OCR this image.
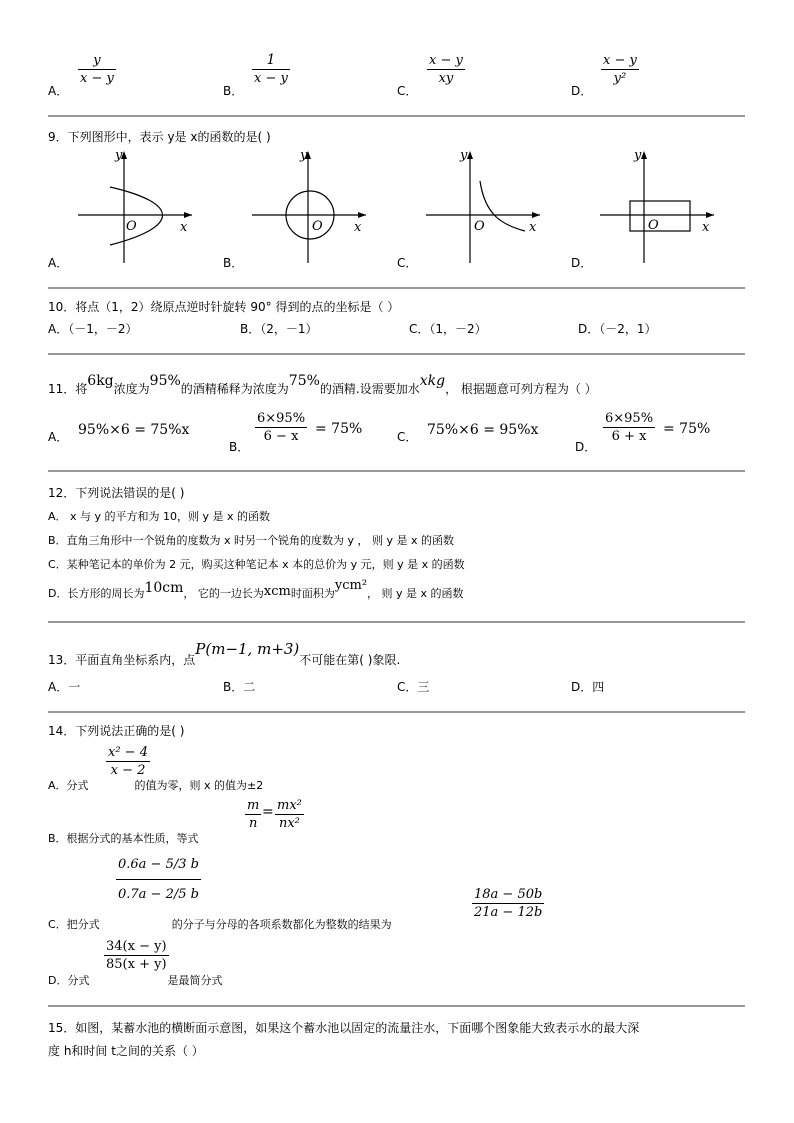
A．
y
x − y
B．
1
x − y
C．
x − y
xy
D．
x − y
y²
9．下列图形中，表示 y是 x的函数的是( )
y
O	x
y
O x
y
O	x
y
O	x
A．	B．	C．	D．
10．将点（1，2）绕原点逆时针旋转 90° 得到的点的坐标是（ ）
A．（－1，－2）	B．（2，－1）	C．（1，－2）	D．（－2，1）
11．将6kg浓度为95%的酒精稀释为浓度为75%的酒精.设需要加水xkg， 根据题意可列方程为（ ）
A． 95%×6 = 75%x
B．
6×95%
6 − x = 75%	C． 75%×6 = 95%x
D．
6×95%
6 + x = 75%
12．下列说法错误的是( )
A． x 与 y 的平方和为 10，则 y 是 x 的函数
B．直角三角形中一个锐角的度数为 x 时另一个锐角的度数为 y ， 则 y 是 x 的函数
C．某种笔记本的单价为 2 元，购买这种笔记本 x 本的总价为 y 元，则 y 是 x 的函数
D．长方形的周长为10cm， 它的一边长为xcm时面积为ycm²， 则 y 是 x 的函数
13．平面直角坐标系内，点P(m−1, m+3)不可能在第( )象限.
A．一	B．二	C．三	D．四
14．下列说法正确的是( )
x² − 4
x − 2
A．分式	的值为零，则 x 的值为±2
B．根据分式的基本性质，等式
m
n
= mx²
nx²
0.6a − 5/3 b
0.7a − 2/5 b
C．把分式	的分子与分母的各项系数都化为整数的结果为
18a − 50b
21a − 12b
34(x − y)
85(x + y)
D．分式	是最简分式
15．如图，某蓄水池的横断面示意图，如果这个蓄水池以固定的流量注水，下面哪个图象能大致表示水的最大深
度 h和时间 t之间的关系（ ）
